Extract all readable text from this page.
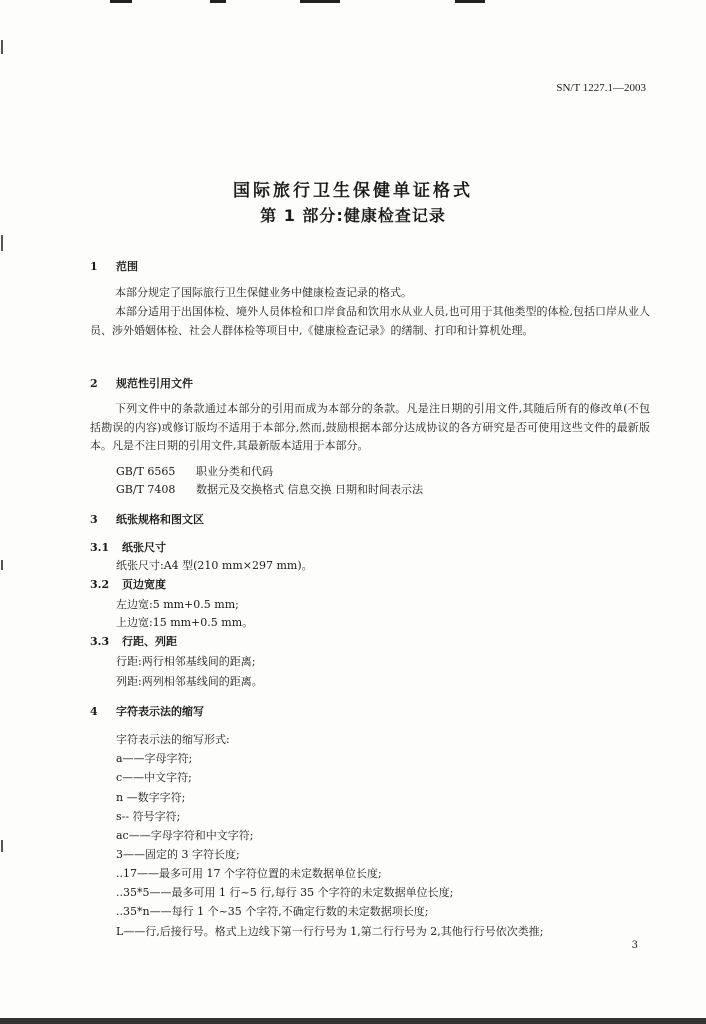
SN/T 1227.1—2003
国际旅行卫生保健单证格式
第 1 部分:健康检查记录
1 范围
本部分规定了国际旅行卫生保健业务中健康检查记录的格式。
本部分适用于出国体检、境外人员体检和口岸食品和饮用水从业人员,也可用于其他类型的体检,包括口岸从业人员、涉外婚姻体检、社会人群体检等项目中,《健康检查记录》的缮制、打印和计算机处理。
2 规范性引用文件
下列文件中的条款通过本部分的引用而成为本部分的条款。凡是注日期的引用文件,其随后所有的修改单(不包括勘误的内容)或修订版均不适用于本部分,然而,鼓励根据本部分达成协议的各方研究是否可使用这些文件的最新版本。凡是不注日期的引用文件,其最新版本适用于本部分。
GB/T 6565 职业分类和代码
GB/T 7408 数据元及交换格式 信息交换 日期和时间表示法
3 纸张规格和图文区
3.1 纸张尺寸
纸张尺寸:A4 型(210 mm×297 mm)。
3.2 页边宽度
左边宽:5 mm+0.5 mm;
上边宽:15 mm+0.5 mm。
3.3 行距、列距
行距:两行相邻基线间的距离;
列距:两列相邻基线间的距离。
4 字符表示法的缩写
字符表示法的缩写形式:
a——字母字符;
c——中文字符;
n —数字字符;
s-- 符号字符;
ac——字母字符和中文字符;
3——固定的 3 字符长度;
..17——最多可用 17 个字符位置的未定数据单位长度;
..35*5——最多可用 1 行~5 行,每行 35 个字符的未定数据单位长度;
..35*n——每行 1 个~35 个字符,不确定行数的未定数据项长度;
L——行,后接行号。格式上边线下第一行行号为 1,第二行行号为 2,其他行行号依次类推;
3
